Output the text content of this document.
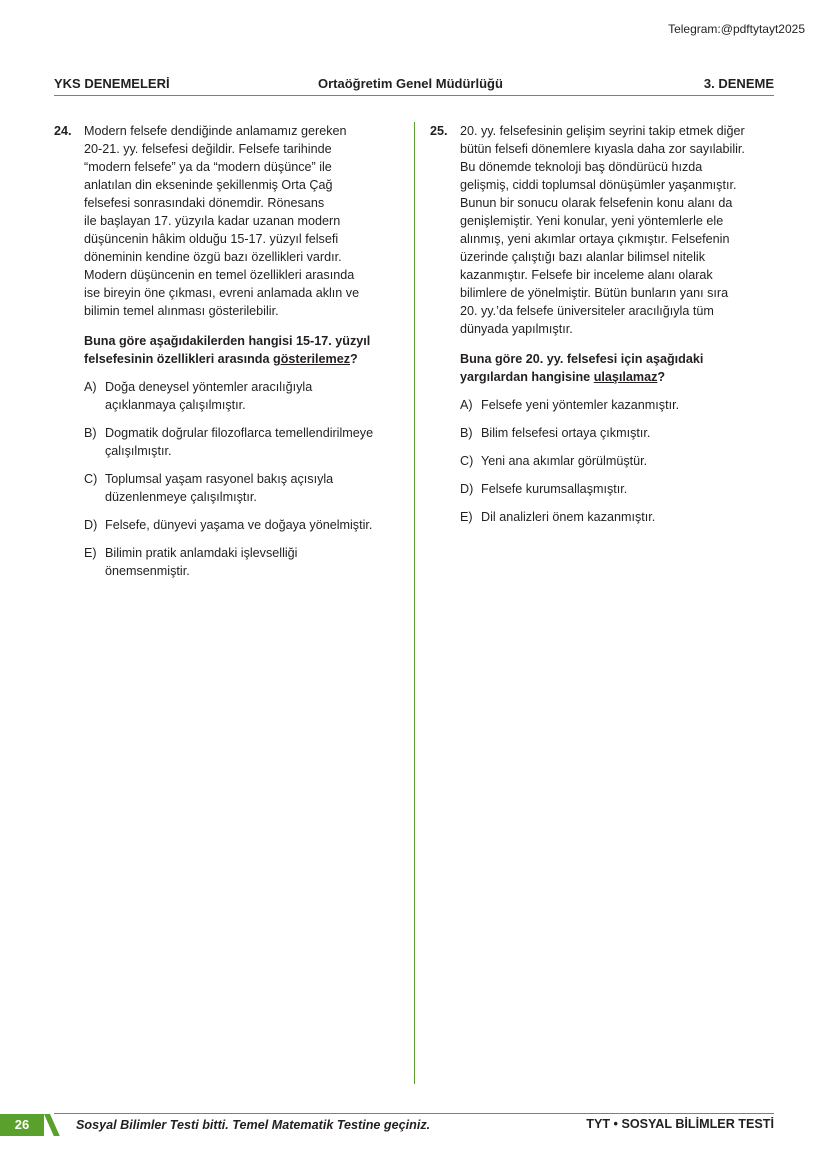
Telegram:@pdftytayt2025
YKS DENEMELERİ	Ortaöğretim Genel Müdürlüğü	3. DENEME
24. Modern felsefe dendiğinde anlamamız gereken
20-21. yy. felsefesi değildir. Felsefe tarihinde
“modern felsefe” ya da “modern düşünce” ile
anlatılan din ekseninde şekillenmiş Orta Çağ
felsefesi sonrasındaki dönemdir. Rönesans
ile başlayan 17. yüzyıla kadar uzanan modern
düşüncenin hâkim olduğu 15-17. yüzyıl felsefi
döneminin kendine özgü bazı özellikleri vardır.
Modern düşüncenin en temel özellikleri arasında
ise bireyin öne çıkması, evreni anlamada aklın ve
bilimin temel alınması gösterilebilir.
Buna göre aşağıdakilerden hangisi 15-17. yüzyıl
felsefesinin özellikleri arasında gösterilemez?
A) Doğa deneysel yöntemler aracılığıyla
açıklanmaya çalışılmıştır.
B) Dogmatik doğrular filozoflarca temellendirilmeye
çalışılmıştır.
C) Toplumsal yaşam rasyonel bakış açısıyla
düzenlenmeye çalışılmıştır.
D) Felsefe, dünyevi yaşama ve doğaya yönelmiştir.
E) Bilimin pratik anlamdaki işlevselliği
önemsenmiştir.
25. 20. yy. felsefesinin gelişim seyrini takip etmek diğer
bütün felsefi dönemlere kıyasla daha zor sayılabilir.
Bu dönemde teknoloji baş döndürücü hızda
gelişmiş, ciddi toplumsal dönüşümler yaşanmıştır.
Bunun bir sonucu olarak felsefenin konu alanı da
genişlemiştir. Yeni konular, yeni yöntemlerle ele
alınmış, yeni akımlar ortaya çıkmıştır. Felsefenin
üzerinde çalıştığı bazı alanlar bilimsel nitelik
kazanmıştır. Felsefe bir inceleme alanı olarak
bilimlere de yönelmiştir. Bütün bunların yanı sıra
20. yy.’da felsefe üniversiteler aracılığıyla tüm
dünyada yapılmıştır.
Buna göre 20. yy. felsefesi için aşağıdaki
yargılardan hangisine ulaşılamaz?
A) Felsefe yeni yöntemler kazanmıştır.
B) Bilim felsefesi ortaya çıkmıştır.
C) Yeni ana akımlar görülmüştür.
D) Felsefe kurumsallaşmıştır.
E) Dil analizleri önem kazanmıştır.
26	Sosyal Bilimler Testi bitti. Temel Matematik Testine geçiniz.	TYT • SOSYAL BİLİMLER TESTİ
